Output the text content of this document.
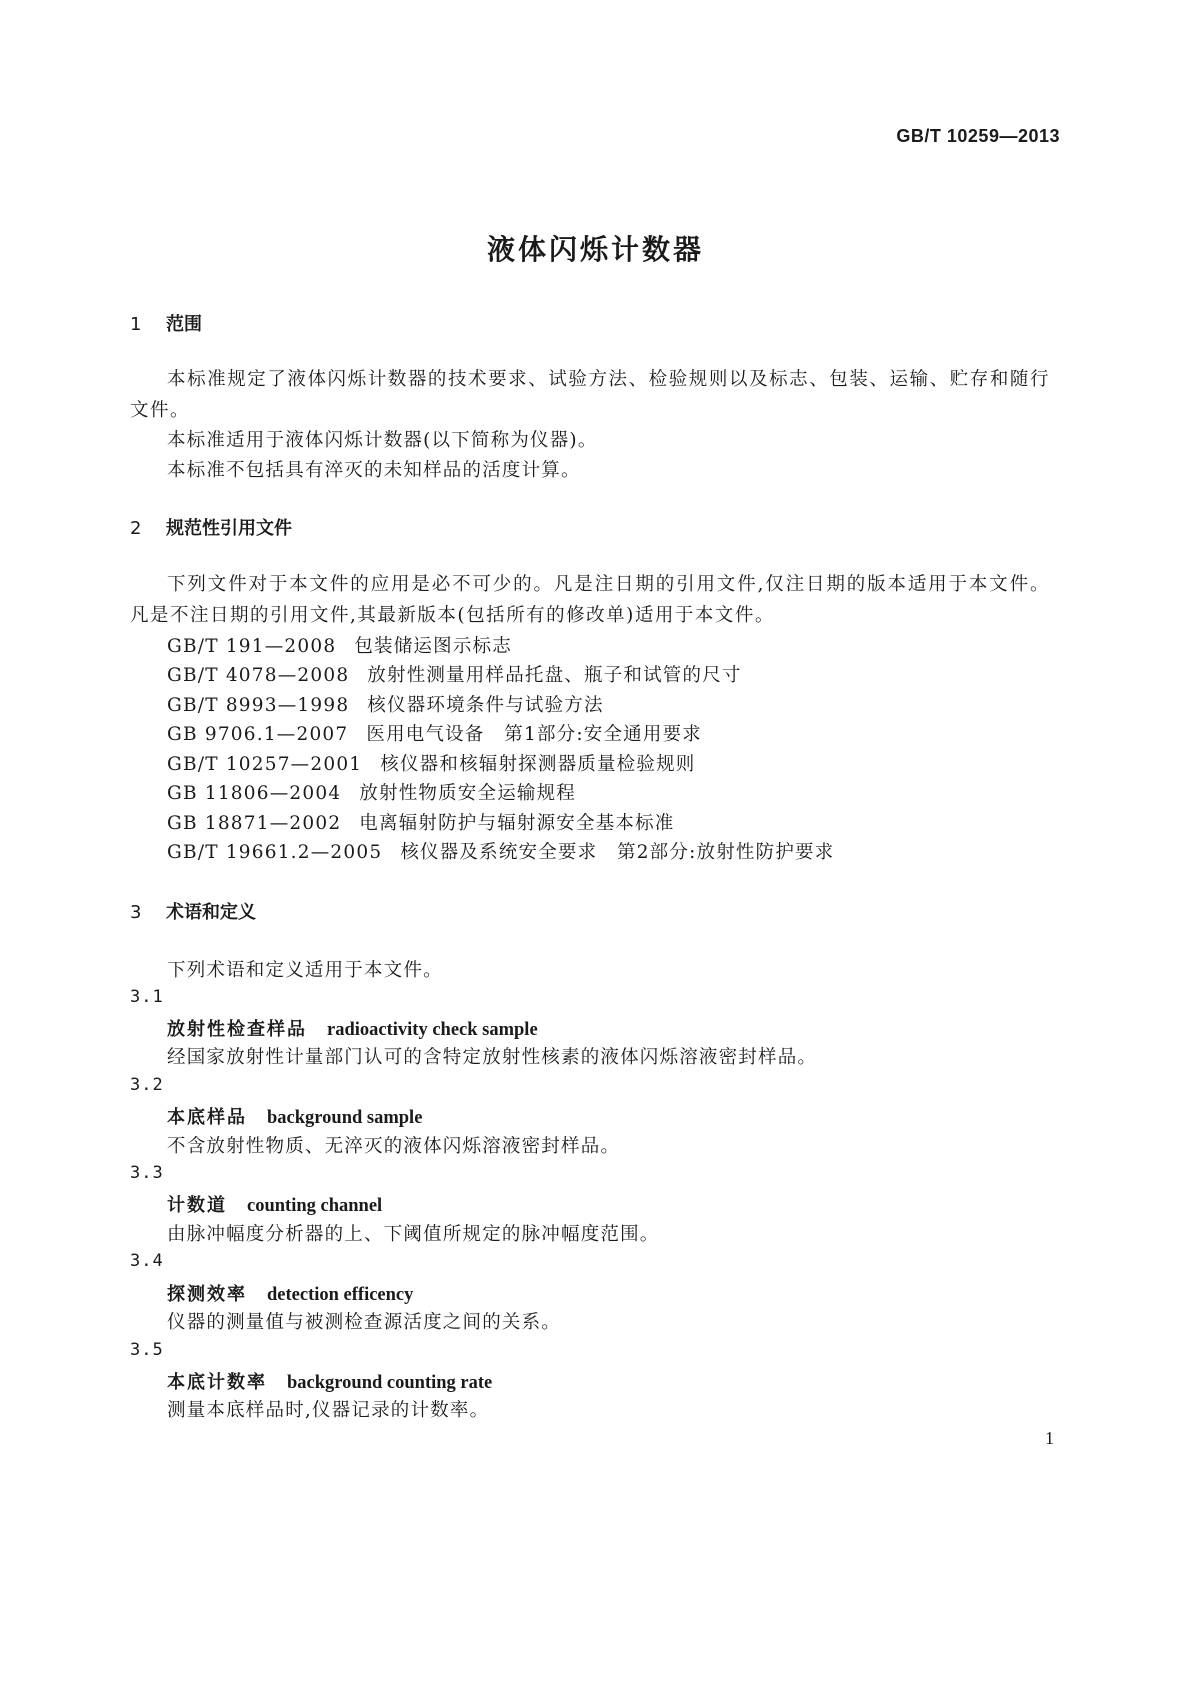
GB/T 10259—2013
液体闪烁计数器
1 范围
本标准规定了液体闪烁计数器的技术要求、试验方法、检验规则以及标志、包装、运输、贮存和随行文件。
本标准适用于液体闪烁计数器(以下简称为仪器)。
本标准不包括具有淬灭的未知样品的活度计算。
2 规范性引用文件
下列文件对于本文件的应用是必不可少的。凡是注日期的引用文件,仅注日期的版本适用于本文件。凡是不注日期的引用文件,其最新版本(包括所有的修改单)适用于本文件。
GB/T 191—2008 包装储运图示标志
GB/T 4078—2008 放射性测量用样品托盘、瓶子和试管的尺寸
GB/T 8993—1998 核仪器环境条件与试验方法
GB 9706.1—2007 医用电气设备　第1部分:安全通用要求
GB/T 10257—2001 核仪器和核辐射探测器质量检验规则
GB 11806—2004 放射性物质安全运输规程
GB 18871—2002 电离辐射防护与辐射源安全基本标准
GB/T 19661.2—2005 核仪器及系统安全要求　第2部分:放射性防护要求
3 术语和定义
下列术语和定义适用于本文件。
3.1
放射性检查样品 radioactivity check sample
经国家放射性计量部门认可的含特定放射性核素的液体闪烁溶液密封样品。
3.2
本底样品 background sample
不含放射性物质、无淬灭的液体闪烁溶液密封样品。
3.3
计数道 counting channel
由脉冲幅度分析器的上、下阈值所规定的脉冲幅度范围。
3.4
探测效率 detection efficency
仪器的测量值与被测检查源活度之间的关系。
3.5
本底计数率 background counting rate
测量本底样品时,仪器记录的计数率。
1
